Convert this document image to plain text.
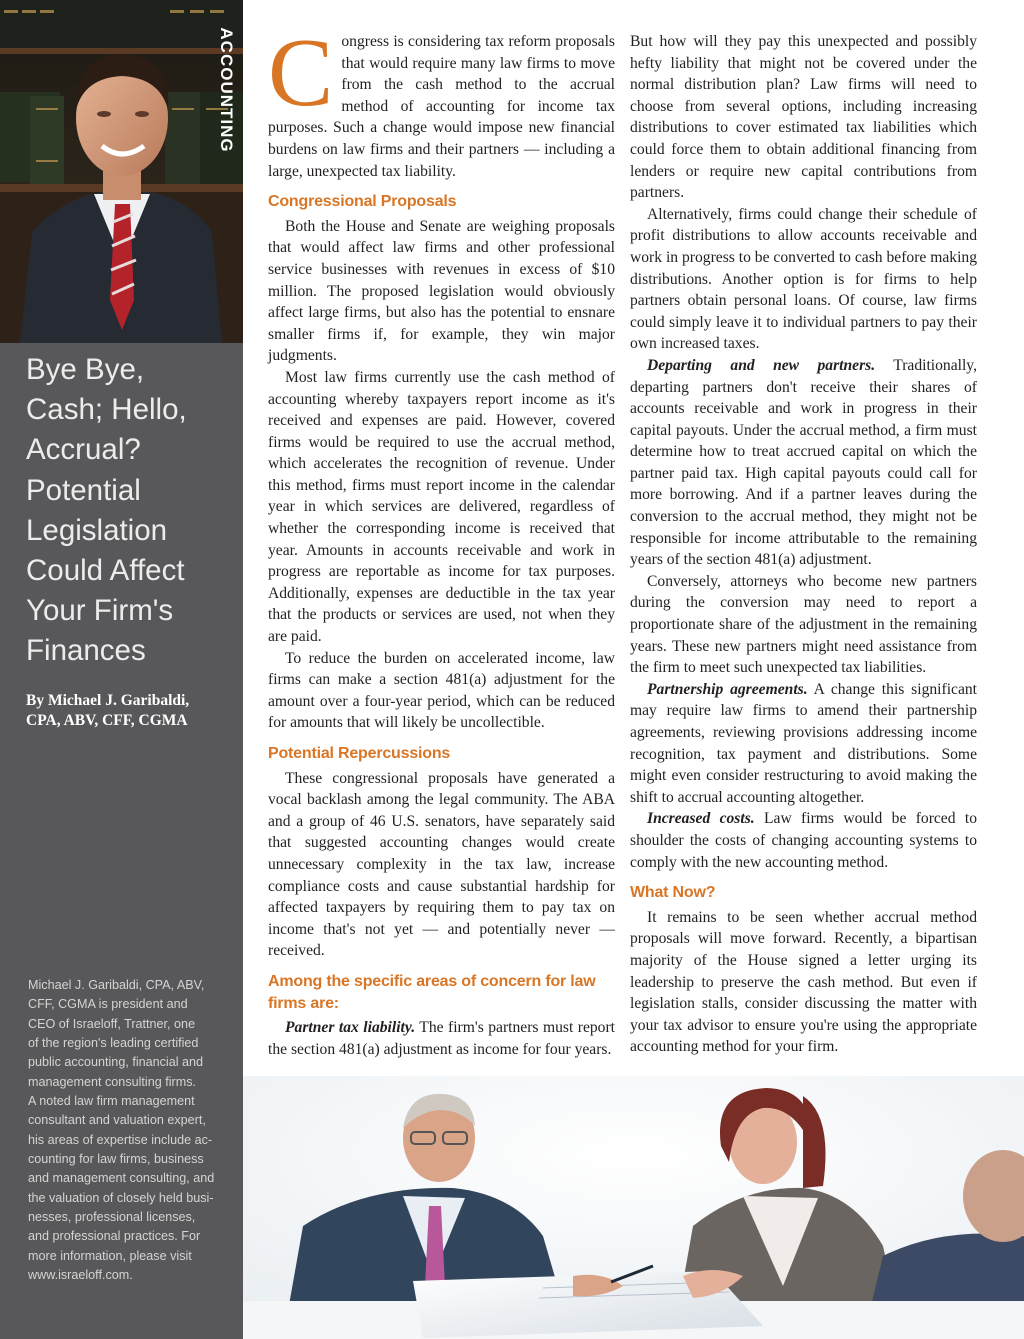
ACCOUNTING
Bye Bye,
Cash; Hello,
Accrual?
Potential
Legislation
Could Affect
Your Firm's
Finances
By Michael J. Garibaldi,
CPA, ABV, CFF, CGMA
Michael J. Garibaldi, CPA, ABV,
CFF, CGMA is president and
CEO of Israeloff, Trattner, one
of the region's leading certified
public accounting, financial and
management consulting firms.
A noted law firm management
consultant and valuation expert,
his areas of expertise include ac-
counting for law firms, business
and management consulting, and
the valuation of closely held busi-
nesses, professional licenses,
and professional practices. For
more information, please visit
www.israeloff.com.

Congress is considering tax reform proposals that would require many law firms to move from the cash method to the accrual method of accounting for income tax purposes. Such a change would impose new financial burdens on law firms and their partners — including a large, unexpected tax liability.

Congressional Proposals

Both the House and Senate are weighing proposals that would affect law firms and other professional service businesses with revenues in excess of $10 million. The proposed legislation would obviously affect large firms, but also has the potential to ensnare smaller firms if, for example, they win major judgments.

Most law firms currently use the cash method of accounting whereby taxpayers report income as it's received and expenses are paid. However, covered firms would be required to use the accrual method, which accelerates the recognition of revenue. Under this method, firms must report income in the calendar year in which services are delivered, regardless of whether the corresponding income is received that year. Amounts in accounts receivable and work in progress are reportable as income for tax purposes. Additionally, expenses are deductible in the tax year that the products or services are used, not when they are paid.

To reduce the burden on accelerated income, law firms can make a section 481(a) adjustment for the amount over a four-year period, which can be reduced for amounts that will likely be uncollectible.

Potential Repercussions

These congressional proposals have generated a vocal backlash among the legal community. The ABA and a group of 46 U.S. senators, have separately said that suggested accounting changes would create unnecessary complexity in the tax law, increase compliance costs and cause substantial hardship for affected taxpayers by requiring them to pay tax on income that's not yet — and potentially never — received.

Among the specific areas of concern for law firms are:

Partner tax liability. The firm's partners must report the section 481(a) adjustment as income for four years.

But how will they pay this unexpected and possibly hefty liability that might not be covered under the normal distribution plan? Law firms will need to choose from several options, including increasing distributions to cover estimated tax liabilities which could force them to obtain additional financing from lenders or require new capital contributions from partners.

Alternatively, firms could change their schedule of profit distributions to allow accounts receivable and work in progress to be converted to cash before making distributions. Another option is for firms to help partners obtain personal loans. Of course, law firms could simply leave it to individual partners to pay their own increased taxes.

Departing and new partners. Traditionally, departing partners don't receive their shares of accounts receivable and work in progress in their capital payouts. Under the accrual method, a firm must determine how to treat accrued capital on which the partner paid tax. High capital payouts could call for more borrowing. And if a partner leaves during the conversion to the accrual method, they might not be responsible for income attributable to the remaining years of the section 481(a) adjustment.

Conversely, attorneys who become new partners during the conversion may need to report a proportionate share of the adjustment in the remaining years. These new partners might need assistance from the firm to meet such unexpected tax liabilities.

Partnership agreements. A change this significant may require law firms to amend their partnership agreements, reviewing provisions addressing income recognition, tax payment and distributions. Some might even consider restructuring to avoid making the shift to accrual accounting altogether.

Increased costs. Law firms would be forced to shoulder the costs of changing accounting systems to comply with the new accounting method.

What Now?

It remains to be seen whether accrual method proposals will move forward. Recently, a bipartisan majority of the House signed a letter urging its leadership to preserve the cash method. But even if legislation stalls, consider discussing the matter with your tax advisor to ensure you're using the appropriate accounting method for your firm.
